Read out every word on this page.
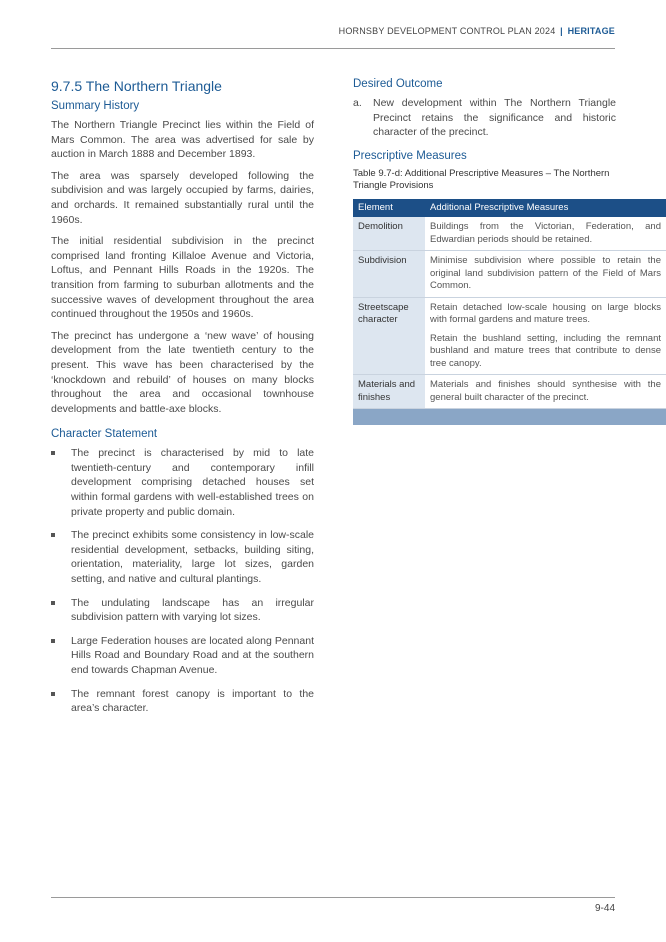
HORNSBY DEVELOPMENT CONTROL PLAN 2024 | HERITAGE
9.7.5 The Northern Triangle
Summary History

The Northern Triangle Precinct lies within the Field of Mars Common. The area was advertised for sale by auction in March 1888 and December 1893.

The area was sparsely developed following the subdivision and was largely occupied by farms, dairies, and orchards. It remained substantially rural until the 1960s.

The initial residential subdivision in the precinct comprised land fronting Killaloe Avenue and Victoria, Loftus, and Pennant Hills Roads in the 1920s. The transition from farming to suburban allotments and the successive waves of development throughout the area continued throughout the 1950s and 1960s.

The precinct has undergone a ‘new wave’ of housing development from the late twentieth century to the present. This wave has been characterised by the ‘knockdown and rebuild’ of houses on many blocks throughout the area and occasional townhouse developments and battle-axe blocks.

Character Statement
The precinct is characterised by mid to late twentieth-century and contemporary infill development comprising detached houses set within formal gardens with well-established trees on private property and public domain.
The precinct exhibits some consistency in low-scale residential development, setbacks, building siting, orientation, materiality, large lot sizes, garden setting, and native and cultural plantings.
The undulating landscape has an irregular subdivision pattern with varying lot sizes.
Large Federation houses are located along Pennant Hills Road and Boundary Road and at the southern end towards Chapman Avenue.
The remnant forest canopy is important to the area’s character.
Desired Outcome
a. New development within The Northern Triangle Precinct retains the significance and historic character of the precinct.
Prescriptive Measures
Table 9.7-d: Additional Prescriptive Measures – The Northern Triangle Provisions
Element	Additional Prescriptive Measures
Demolition	Buildings from the Victorian, Federation, and Edwardian periods should be retained.

Subdivision	Minimise subdivision where possible to retain the original land subdivision pattern of the Field of Mars Common.

Streetscape character	Retain detached low-scale housing on large blocks with formal gardens and mature trees.
Retain the bushland setting, including the remnant bushland and mature trees that contribute to dense tree canopy.

Materials and finishes	Materials and finishes should synthesise with the general built character of the precinct.

9-44
